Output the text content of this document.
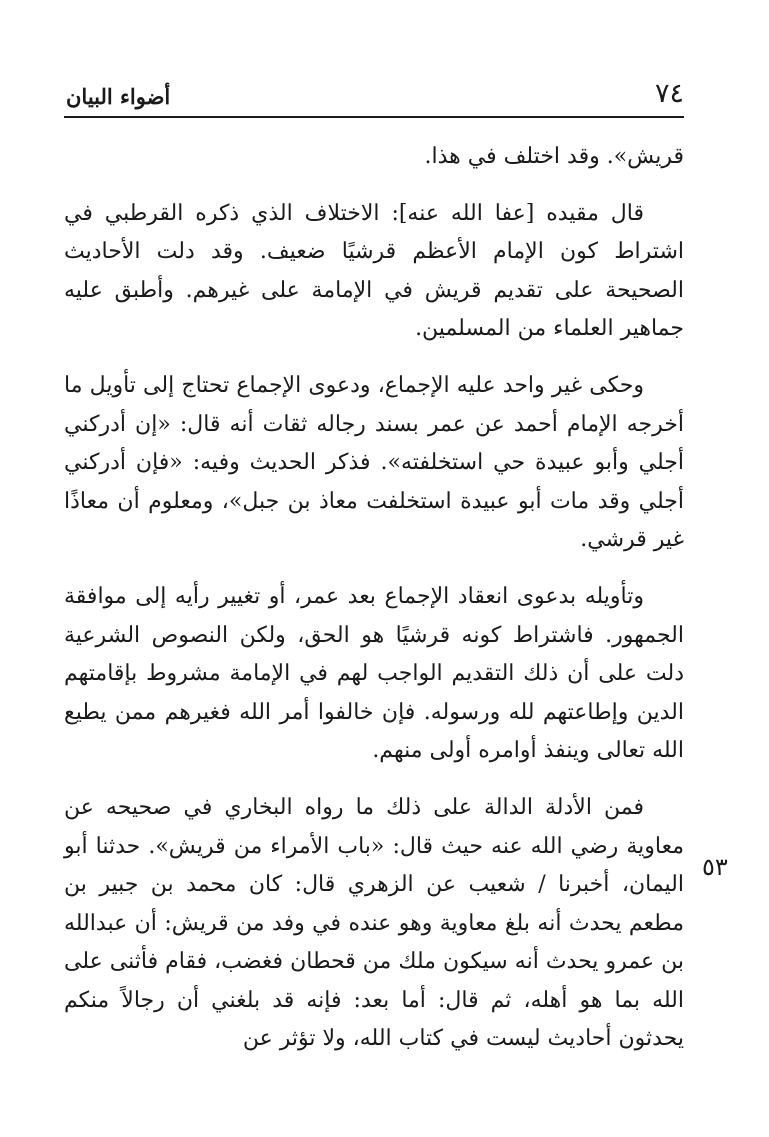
٧٤
أضواء البيان
٥٣

قريش». وقد اختلف في هذا.

قال مقيده [عفا الله عنه]: الاختلاف الذي ذكره القرطبي في اشتراط كون الإمام الأعظم قرشيًا ضعيف. وقد دلت الأحاديث الصحيحة على تقديم قريش في الإمامة على غيرهم. وأطبق عليه جماهير العلماء من المسلمين.

وحكى غير واحد عليه الإجماع، ودعوى الإجماع تحتاج إلى تأويل ما أخرجه الإمام أحمد عن عمر بسند رجاله ثقات أنه قال: «إن أدركني أجلي وأبو عبيدة حي استخلفته». فذكر الحديث وفيه: «فإن أدركني أجلي وقد مات أبو عبيدة استخلفت معاذ بن جبل»، ومعلوم أن معاذًا غير قرشي.

وتأويله بدعوى انعقاد الإجماع بعد عمر، أو تغيير رأيه إلى موافقة الجمهور. فاشتراط كونه قرشيًا هو الحق، ولكن النصوص الشرعية دلت على أن ذلك التقديم الواجب لهم في الإمامة مشروط بإقامتهم الدين وإطاعتهم لله ورسوله. فإن خالفوا أمر الله فغيرهم ممن يطيع الله تعالى وينفذ أوامره أولى منهم.

فمن الأدلة الدالة على ذلك ما رواه البخاري في صحيحه عن معاوية رضي الله عنه حيث قال: «باب الأمراء من قريش». حدثنا أبو اليمان، أخبرنا / شعيب عن الزهري قال: كان محمد بن جبير بن مطعم يحدث أنه بلغ معاوية وهو عنده في وفد من قريش: أن عبدالله بن عمرو يحدث أنه سيكون ملك من قحطان فغضب، فقام فأثنى على الله بما هو أهله، ثم قال: أما بعد: فإنه قد بلغني أن رجالاً منكم يحدثون أحاديث ليست في كتاب الله، ولا تؤثر عن
